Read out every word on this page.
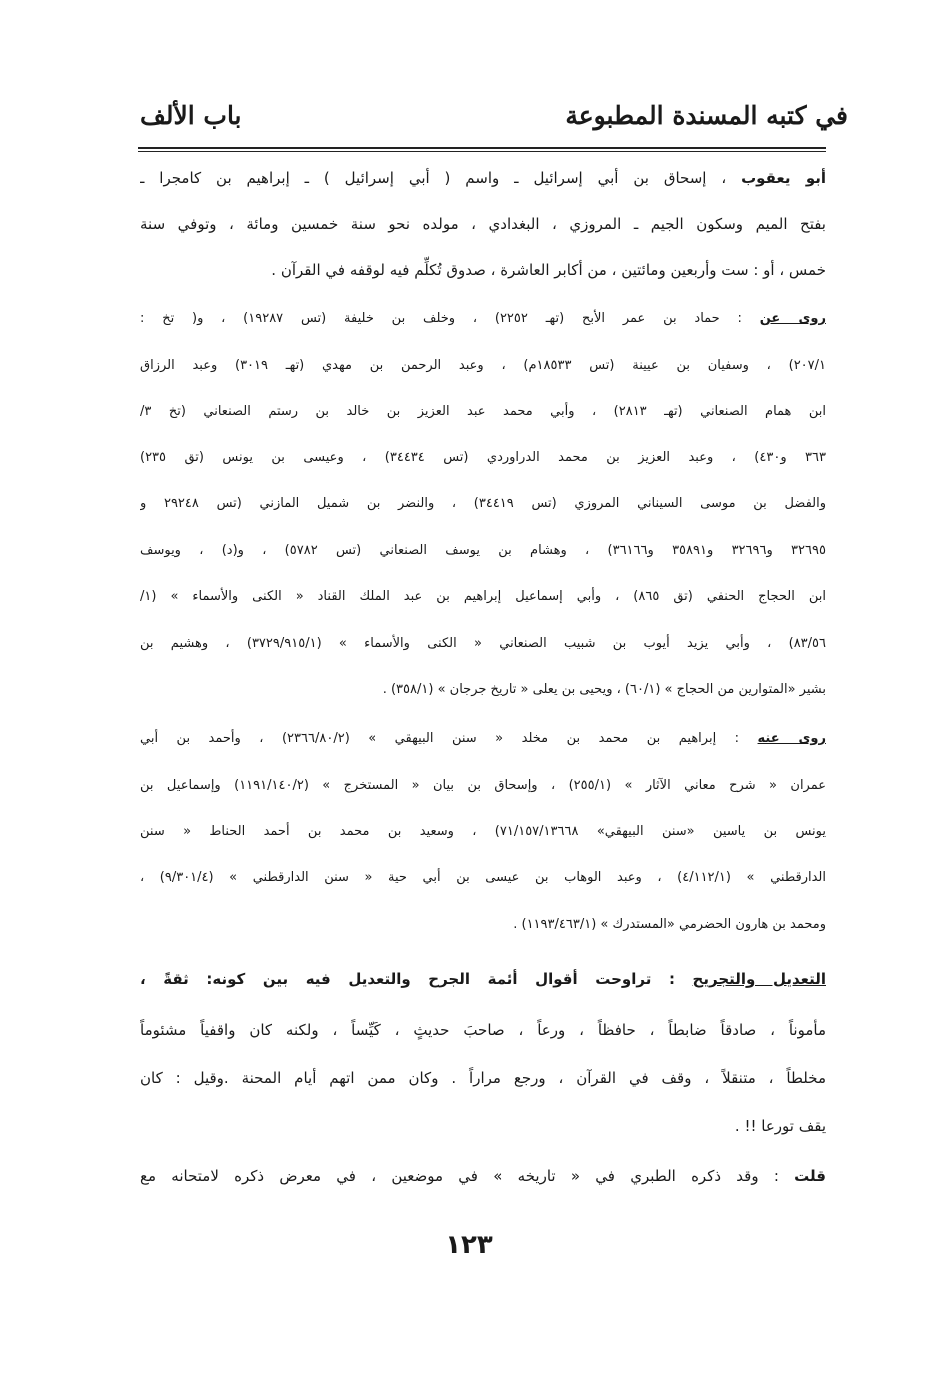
في كتبه المسندة المطبوعة
باب الألف
أبو يعقوب ، إسحاق بن أبي إسرائيل ـ واسم ( أبي إسرائيل ) ـ إبراهيم بن كامجرا ـ
بفتح الميم وسكون الجيم ـ المروزي ، البغدادي ، مولده نحو سنة خمسين ومائة ، وتوفي سنة
خمس ، أو : ست وأربعين ومائتين ، من أكابر العاشرة ، صدوق تُكلِّم فيه لوقفه في القرآن .
روى عن : حماد بن عمر الأبح (تهـ ٢٢٥٢) ، وخلف بن خليفة (تس ١٩٢٨٧) ، و( تخ :
٢٠٧/١) ، وسفيان بن عيينة (تس ١٨٥٣٣م) ، وعبد الرحمن بن مهدي (تهـ ٣٠١٩) وعبد الرزاق
ابن همام الصنعاني (تهـ ٢٨١٣) ، وأبي محمد عبد العزيز بن خالد بن رستم الصنعاني (تخ ٣/
٣٦٣ و٤٣٠) ، وعبد العزيز بن محمد الدراوردي (تس ٣٤٤٣٤) ، وعيسى بن يونس (تق ٢٣٥)
والفضل بن موسى السيناني المروزي (تس ٣٤٤١٩) ، والنضر بن شميل المازني (تس ٢٩٢٤٨ و
٣٢٦٩٥ و٣٢٦٩٦ و٣٥٨٩١ و٣٦١٦٦) ، وهشام بن يوسف الصنعاني (تس ٥٧٨٢) ، و(د) ، ويوسف
ابن الحجاج الحنفي (تق ٨٦٥) ، وأبي إسماعيل إبراهيم بن عبد الملك القناد « الكنى والأسماء » (١/
٨٣/٥٦) ، وأبي يزيد أيوب بن شبيب الصنعاني « الكنى والأسماء » (٣٧٢٩/٩١٥/١) ، وهشيم بن
بشير «المتوارين من الحجاج » (٦٠/١) ، ويحيى بن يعلى « تاريخ جرجان » (٣٥٨/١) .
روى عنه : إبراهيم بن محمد بن مخلد « سنن البيهقي » (٢٣٦٦/٨٠/٢) ، وأحمد بن أبي
عمران « شرح معاني الآثار » (٢٥٥/١) ، وإسحاق بن بيان « المستخرج » (١١٩١/١٤٠/٢) وإسماعيل بن
يونس بن ياسين «سنن البيهقي» ٧١/١٥٧/١٣٦٦٨) ، وسعيد بن محمد بن أحمد الحناط « سنن
الدارقطني » (٤/١١٢/١) ، وعبد الوهاب بن عيسى بن أبي حية « سنن الدارقطني » (٩/٣٠١/٤) ،
ومحمد بن هارون الحضرمي «المستدرك » (١١٩٣/٤٦٣/١) .
التعديل والتجريح : تراوحت أقوال أئمة الجرح والتعديل فيه بين كونه: ثقةً ،
مأموناً ، صادقاً ضابطاً ، حافظاً ، ورعاً ، صاحبَ حديثٍ ، كَيِّساً ، ولكنه كان واقفياً مشئوماً
مخلطاً ، متنقلاً ، وقف في القرآن ، ورجع مراراً . وكان ممن اتهم أيام المحنة .وقيل : كان
يقف تورعا !! .
قلت : وقد ذكره الطبري في « تاريخه » في موضعين ، في معرض ذكره لامتحانه مع
١٢٣
